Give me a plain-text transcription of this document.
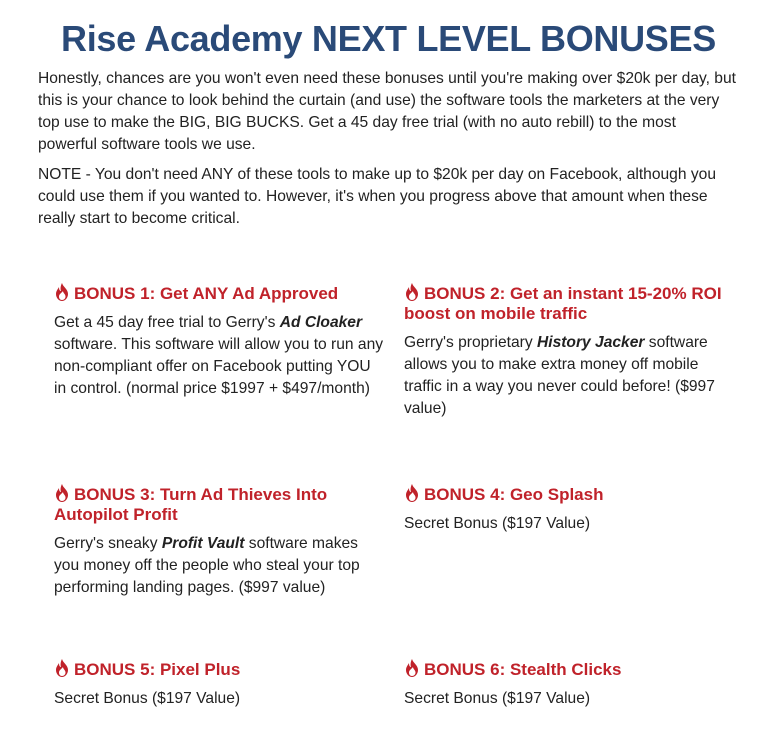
Rise Academy NEXT LEVEL BONUSES

Honestly, chances are you won't even need these bonuses until you're making over $20k per day, but this is your chance to look behind the curtain (and use) the software tools the marketers at the very top use to make the BIG, BIG BUCKS. Get a 45 day free trial (with no auto rebill) to the most powerful software tools we use.

NOTE - You don't need ANY of these tools to make up to $20k per day on Facebook, although you could use them if you wanted to. However, it's when you progress above that amount when these really start to become critical.

BONUS 1: Get ANY Ad Approved
Get a 45 day free trial to Gerry's Ad Cloaker software. This software will allow you to run any non-compliant offer on Facebook putting YOU in control. (normal price $1997 + $497/month)
BONUS 2: Get an instant 15-20% ROI boost on mobile traffic
Gerry's proprietary History Jacker software allows you to make extra money off mobile traffic in a way you never could before! ($997 value)
BONUS 3: Turn Ad Thieves Into Autopilot Profit
Gerry's sneaky Profit Vault software makes you money off the people who steal your top performing landing pages. ($997 value)
BONUS 4: Geo Splash
Secret Bonus ($197 Value)
BONUS 5: Pixel Plus
Secret Bonus ($197 Value)
BONUS 6: Stealth Clicks
Secret Bonus ($197 Value)
